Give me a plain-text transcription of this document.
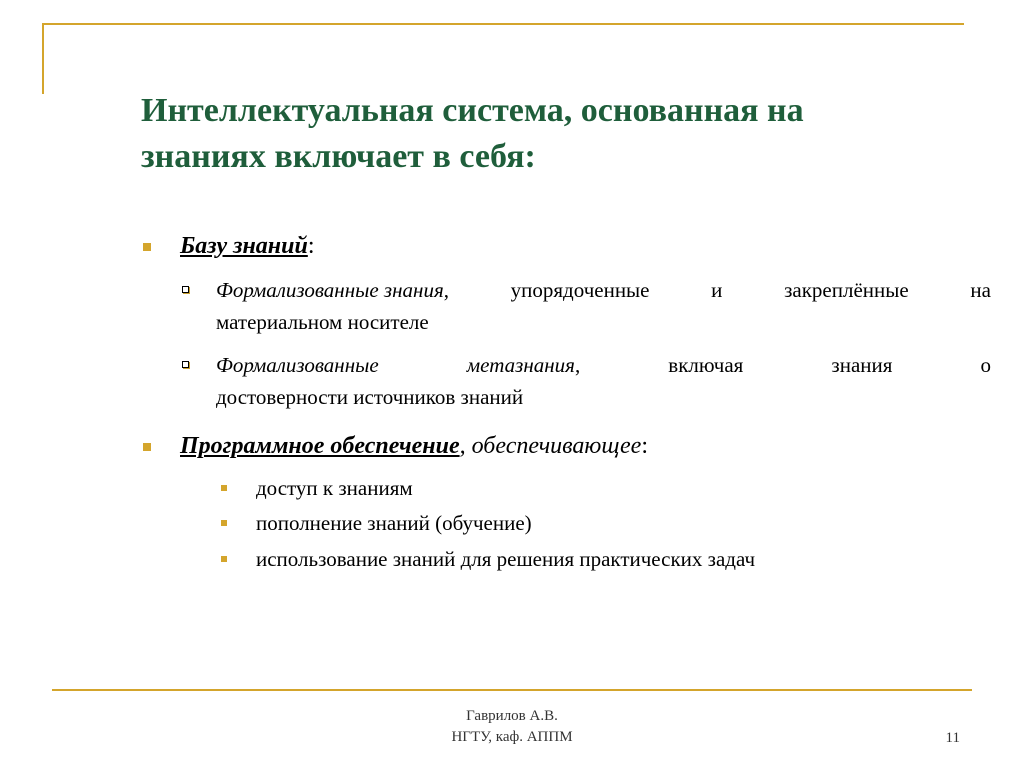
Интеллектуальная система, основанная на
знаниях включает в себя:
Базу знаний:
Формализованные знания,	упорядоченные	и	закреплённые	на
материальном носителе
Формализованные	метазнания,	включая	знания	о
достоверности источников знаний
Программное обеспечение, обеспечивающее:
доступ к знаниям
пополнение знаний (обучение)
использование знаний для решения практических задач
Гаврилов А.В.
НГТУ, каф. АППМ	11
